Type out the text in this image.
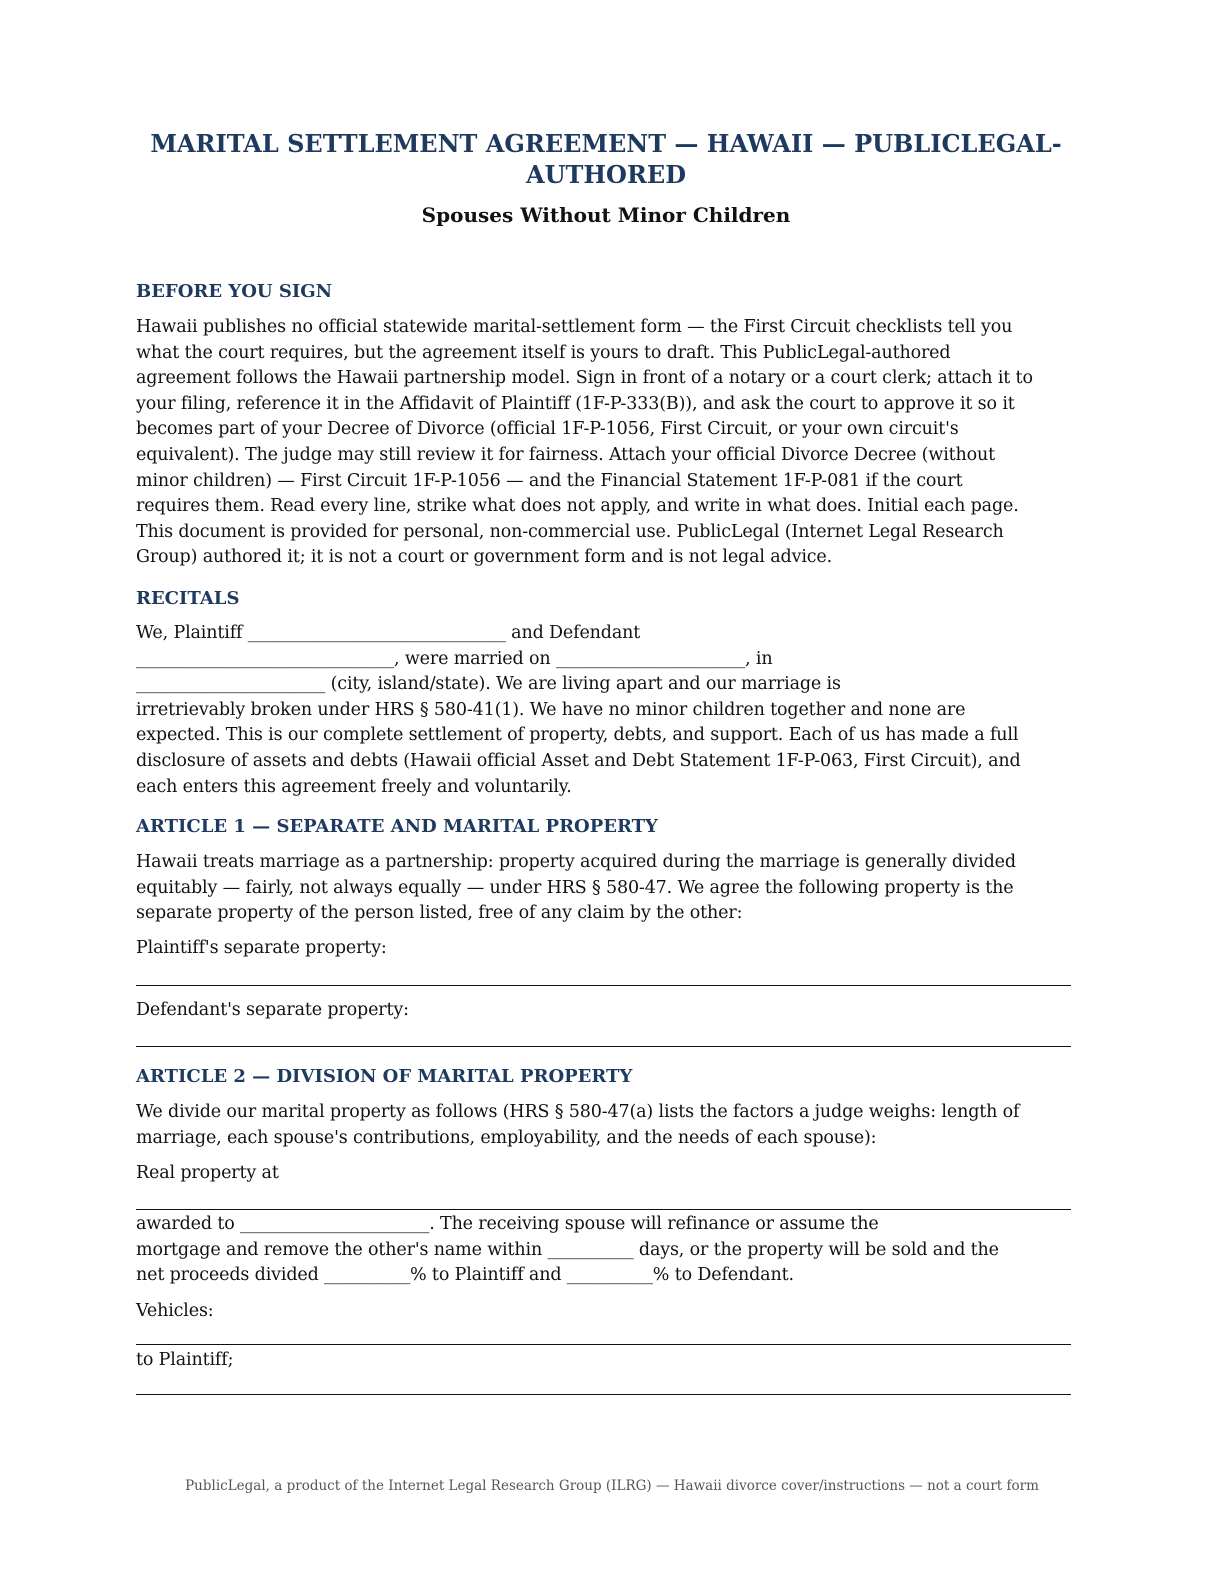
MARITAL SETTLEMENT AGREEMENT — HAWAII — PUBLICLEGAL-AUTHORED
Spouses Without Minor Children
BEFORE YOU SIGN
Hawaii publishes no official statewide marital-settlement form — the First Circuit checklists tell you
what the court requires, but the agreement itself is yours to draft. This PublicLegal-authored
agreement follows the Hawaii partnership model. Sign in front of a notary or a court clerk; attach it to
your filing, reference it in the Affidavit of Plaintiff (1F-P-333(B)), and ask the court to approve it so it
becomes part of your Decree of Divorce (official 1F-P-1056, First Circuit, or your own circuit's
equivalent). The judge may still review it for fairness. Attach your official Divorce Decree (without
minor children) — First Circuit 1F-P-1056 — and the Financial Statement 1F-P-081 if the court
requires them. Read every line, strike what does not apply, and write in what does. Initial each page.
This document is provided for personal, non-commercial use. PublicLegal (Internet Legal Research
Group) authored it; it is not a court or government form and is not legal advice.
RECITALS
We, Plaintiff ______________________________ and Defendant
______________________________, were married on ______________________, in
______________________ (city, island/state). We are living apart and our marriage is
irretrievably broken under HRS § 580-41(1). We have no minor children together and none are
expected. This is our complete settlement of property, debts, and support. Each of us has made a full
disclosure of assets and debts (Hawaii official Asset and Debt Statement 1F-P-063, First Circuit), and
each enters this agreement freely and voluntarily.
ARTICLE 1 — SEPARATE AND MARITAL PROPERTY
Hawaii treats marriage as a partnership: property acquired during the marriage is generally divided
equitably — fairly, not always equally — under HRS § 580-47. We agree the following property is the
separate property of the person listed, free of any claim by the other:
Plaintiff's separate property:
Defendant's separate property:
ARTICLE 2 — DIVISION OF MARITAL PROPERTY
We divide our marital property as follows (HRS § 580-47(a) lists the factors a judge weighs: length of
marriage, each spouse's contributions, employability, and the needs of each spouse):
Real property at
awarded to ______________________. The receiving spouse will refinance or assume the
mortgage and remove the other's name within __________ days, or the property will be sold and the
net proceeds divided __________% to Plaintiff and __________% to Defendant.
Vehicles:
to Plaintiff;
PublicLegal, a product of the Internet Legal Research Group (ILRG) — Hawaii divorce cover/instructions — not a court form
